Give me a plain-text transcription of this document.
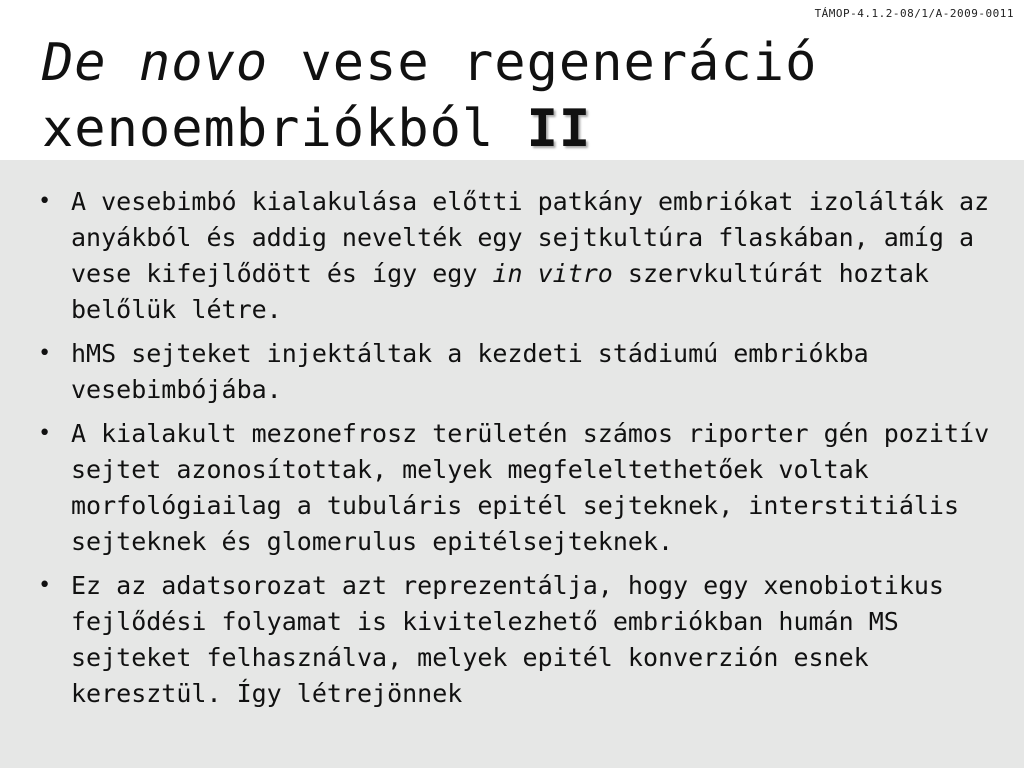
TÁMOP-4.1.2-08/1/A-2009-0011
De novo vese regeneráció
xenoembriókból II
• A vesebimbó kialakulása előtti patkány embriókat izolálták az anyákból és addig nevelték egy sejtkultúra flaskában, amíg a vese kifejlődött és így egy in vitro szervkultúrát hoztak belőlük létre.
• hMS sejteket injektáltak a kezdeti stádiumú embriókba vesebimbójába.
• A kialakult mezonefrosz területén számos riporter gén pozitív sejtet azonosítottak, melyek megfeleltethetőek voltak morfológiailag a tubuláris epitél sejteknek, interstitiális sejteknek és glomerulus epitélsejteknek.
• Ez az adatsorozat azt reprezentálja, hogy egy xenobiotikus fejlődési folyamat is kivitelezhető embriókban humán MS sejteket felhasználva, melyek epitél konverzión esnek keresztül. Így létrejönnek
